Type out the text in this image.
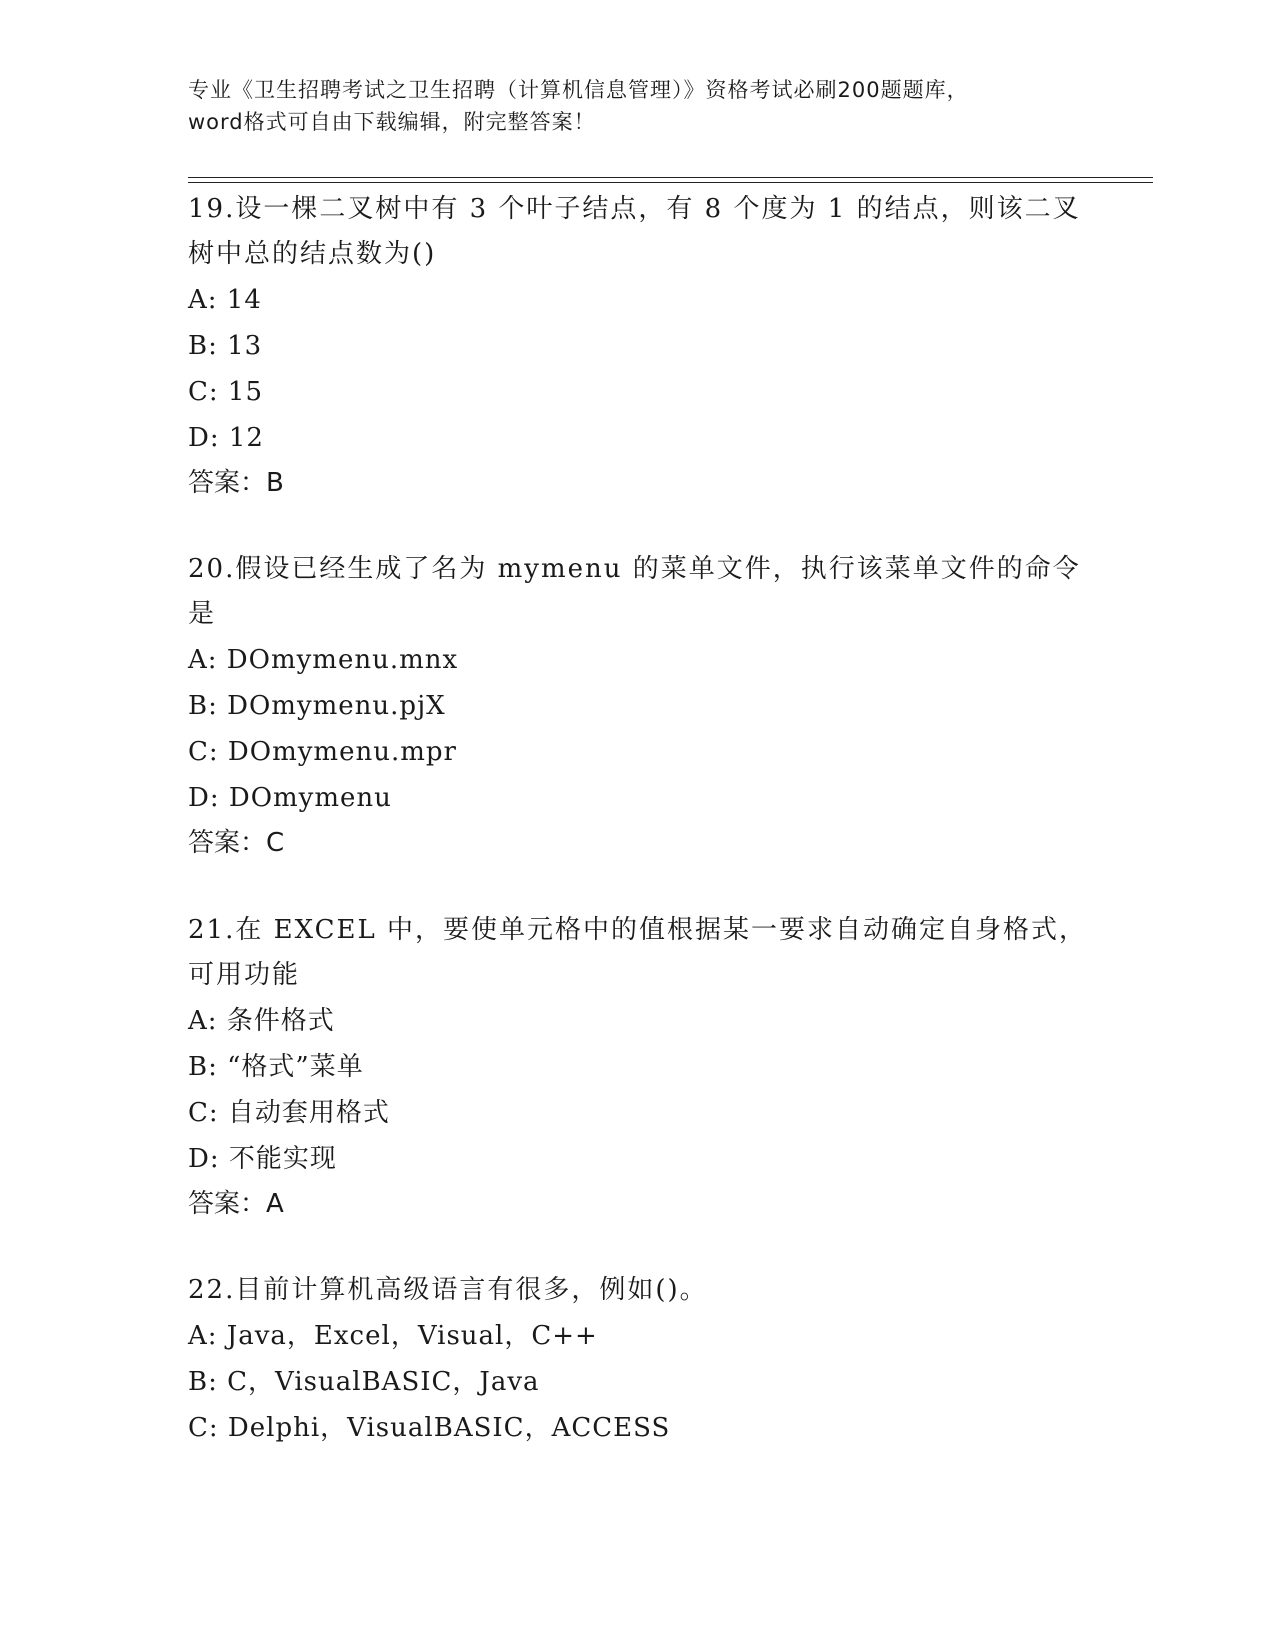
专业《卫生招聘考试之卫生招聘（计算机信息管理）》资格考试必刷200题题库，
word格式可自由下载编辑，附完整答案！

19.设一棵二叉树中有 3 个叶子结点，有 8 个度为 1 的结点，则该二叉树中总的结点数为()

A: 14

B: 13

C: 15

D: 12

答案：B

20.假设已经生成了名为 mymenu 的菜单文件，执行该菜单文件的命令是

A: DOmymenu.mnx

B: DOmymenu.pjX

C: DOmymenu.mpr

D: DOmymenu

答案：C

21.在 EXCEL 中，要使单元格中的值根据某一要求自动确定自身格式，可用功能

A: 条件格式

B: “格式”菜单

C: 自动套用格式

D: 不能实现

答案：A

22.目前计算机高级语言有很多，例如()。

A: Java，Excel，Visual，C++

B: C，VisualBASIC，Java

C: Delphi，VisualBASIC，ACCESS
